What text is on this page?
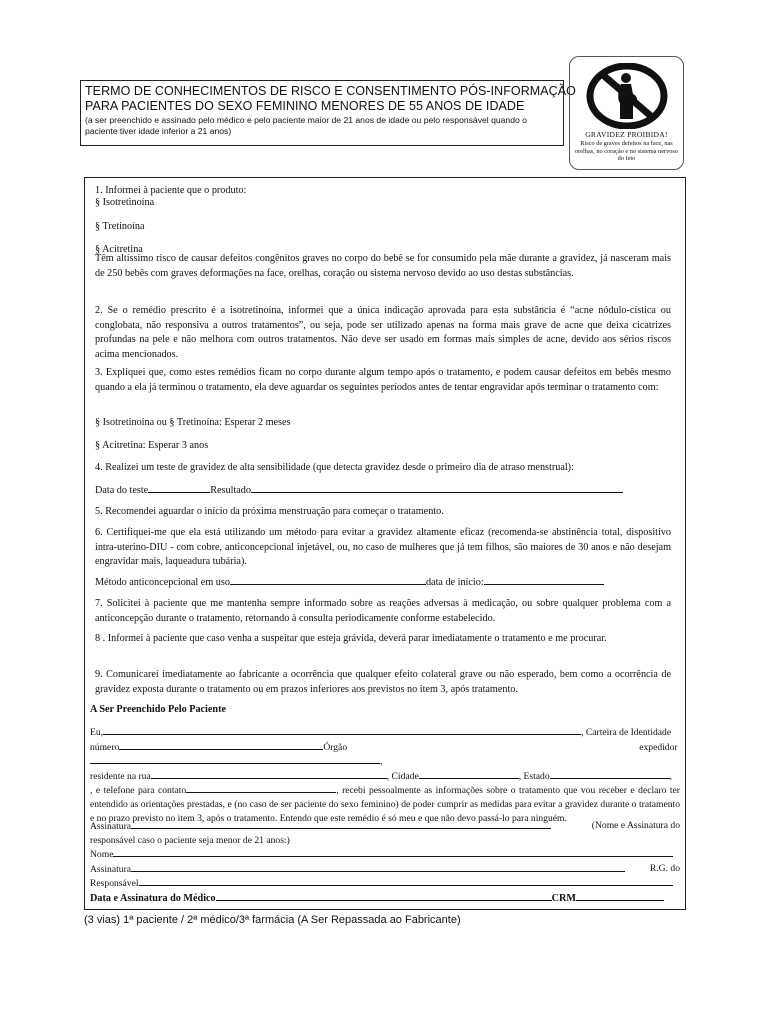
TERMO DE CONHECIMENTOS DE RISCO E CONSENTIMENTO PÓS-INFORMAÇÃO
PARA PACIENTES DO SEXO FEMININO MENORES DE 55 ANOS DE IDADE
(a ser preenchido e assinado pelo médico e pelo paciente maior de 21 anos de idade ou pelo responsável quando o paciente tiver idade inferior a 21 anos)	GRAVIDEZ PROIBIDA!
Risco de graves defeitos na face, nas orelhas, no coração e no sistema nervoso do feto
1. Informei à paciente que o produto:
§ Isotretinoína
§ Tretinoína
§ Acitretina
Têm altíssimo risco de causar defeitos congênitos graves no corpo do bebê se for consumido pela mãe durante a gravidez, já nasceram mais de 250 bebês com graves deformações na face, orelhas, coração ou sistema nervoso devido ao uso destas substâncias.
2. Se o remédio prescrito é a isotretinoína, informei que a única indicação aprovada para esta substância é “acne nódulo-cística ou conglobata, não responsiva a outros tratamentos”, ou seja, pode ser utilizado apenas na forma mais grave de acne que deixa cicatrizes profundas na pele e não melhora com outros tratamentos. Não deve ser usado em formas mais simples de acne, devido aos sérios riscos acima mencionados.
3. Expliquei que, como estes remédios ficam no corpo durante algum tempo após o tratamento, e podem causar defeitos em bebês mesmo quando a ela já terminou o tratamento, ela deve aguardar os seguintes períodos antes de tentar engravidar após terminar o tratamento com:
§ Isotretinoína ou § Tretinoína: Esperar 2 meses
§ Acitretina: Esperar 3 anos
4. Realizei um teste de gravidez de alta sensibilidade (que detecta gravidez desde o primeiro dia de atraso menstrual):
Data do teste	Resultado
5. Recomendei aguardar o início da próxima menstruação para começar o tratamento.
6. Certifiquei-me que ela está utilizando um método para evitar a gravidez altamente eficaz (recomenda-se abstinência total, dispositivo intra-uterino-DIU - com cobre, anticoncepcional injetável, ou, no caso de mulheres que já tem filhos, são maiores de 30 anos e não desejam engravidar mais, laqueadura tubária).
Método anticoncepcional em uso	data de início:
7. Solicitei à paciente que me mantenha sempre informado sobre as reações adversas à medicação, ou sobre qualquer problema com a anticoncepção durante o tratamento, retornando à consulta periodicamente conforme estabelecido.
8 . Informei à paciente que caso venha a suspeitar que esteja grávida, deverá parar imediatamente o tratamento e me procurar.
9. Comunicarei imediatamente ao fabricante a ocorrência que qualquer efeito colateral grave ou não esperado, bem como a ocorrência de gravidez exposta durante o tratamento ou em prazos inferiores aos previstos no item 3, após tratamento.
A Ser Preenchido Pelo Paciente
Eu,	, Carteira de Identidade
número	Órgão expedidor ,
residente na rua	, Cidade	, Estado	,
, e telefone para contato	, recebi pessoalmente as informações sobre o tratamento que vou receber e declaro ter entendido as orientações prestadas, e (no caso de ser paciente do sexo feminino) de poder cumprir as medidas para evitar a gravidez durante o tratamento e no prazo previsto no item 3, após o tratamento. Entendo que este remédio é só meu e que não devo passá-lo para ninguém.
Assinatura	(Nome e Assinatura do
responsável caso o paciente seja menor de 21 anos:)
Nome
Assinatura	R.G. do
Responsável
Data e Assinatura do Médico	CRM
(3 vias) 1ª paciente / 2ª médico/3ª farmácia (A Ser Repassada ao Fabricante)
